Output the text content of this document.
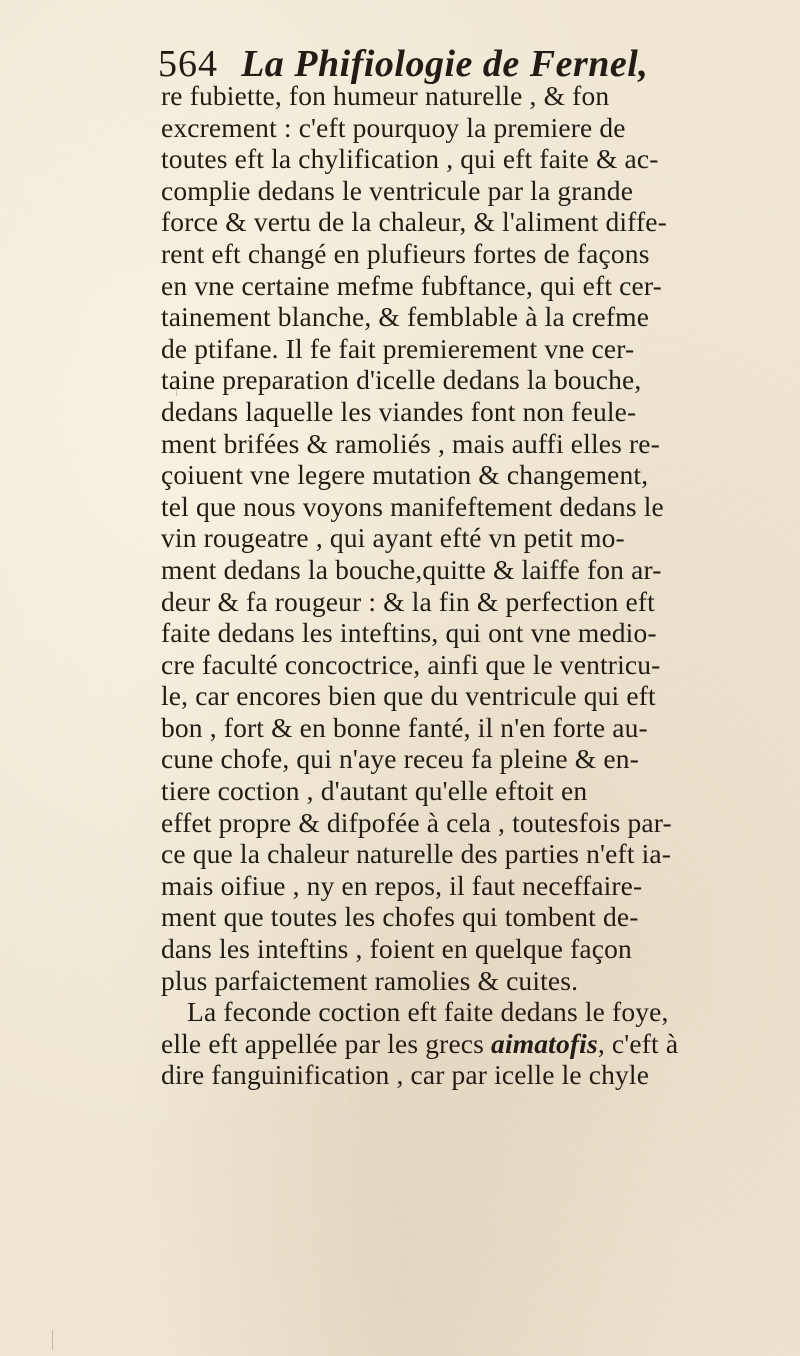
564 La Phifiologie de Fernel,
re fubiette, fon humeur naturelle , & fon
excrement : c'eft pourquoy la premiere de
toutes eft la chylification , qui eft faite & ac-
complie dedans le ventricule par la grande
force & vertu de la chaleur, & l'aliment diffe-
rent eft changé en plufieurs fortes de façons
en vne certaine mefme fubftance, qui eft cer-
tainement blanche, & femblable à la crefme
de ptifane. Il fe fait premierement vne cer-
taine preparation d'icelle dedans la bouche,
dedans laquelle les viandes font non feule-
ment brifées & ramoliés , mais auffi elles re-
çoiuent vne legere mutation & changement,
tel que nous voyons manifeftement dedans le
vin rougeatre , qui ayant efté vn petit mo-
ment dedans la bouche,quitte & laiffe fon ar-
deur & fa rougeur : & la fin & perfection eft
faite dedans les inteftins, qui ont vne medio-
cre faculté concoctrice, ainfi que le ventricu-
le, car encores bien que du ventricule qui eft
bon , fort & en bonne fanté, il n'en forte au-
cune chofe, qui n'aye receu fa pleine & en-
tiere coction , d'autant qu'elle eftoit en
effet propre & difpofée à cela , toutesfois par-
ce que la chaleur naturelle des parties n'eft ia-
mais oifiue , ny en repos, il faut neceffaire-
ment que toutes les chofes qui tombent de-
dans les inteftins , foient en quelque façon
plus parfaictement ramolies & cuites.
La feconde coction eft faite dedans le foye,
elle eft appellée par les grecs aimatofis, c'eft à
dire fanguinification , car par icelle le chyle
